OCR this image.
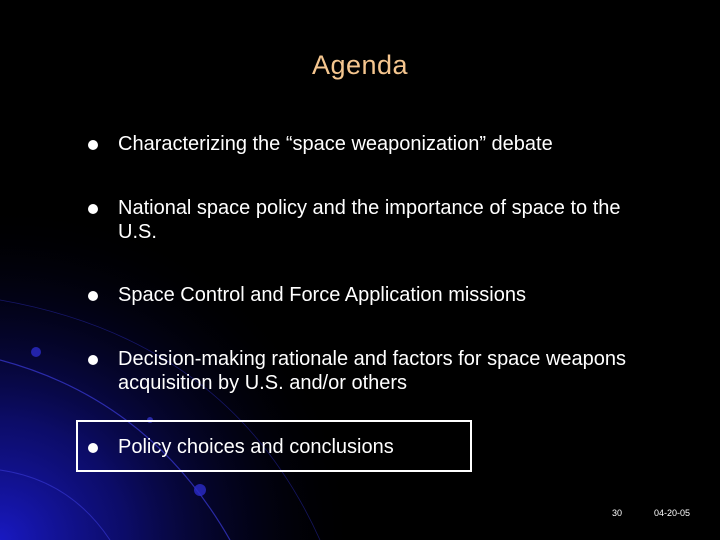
Agenda
Characterizing the “space weaponization” debate
National space policy and the importance of space to the U.S.
Space Control and Force Application missions
Decision-making rationale and factors for space weapons acquisition by U.S. and/or others
Policy choices and conclusions
30	04-20-05
